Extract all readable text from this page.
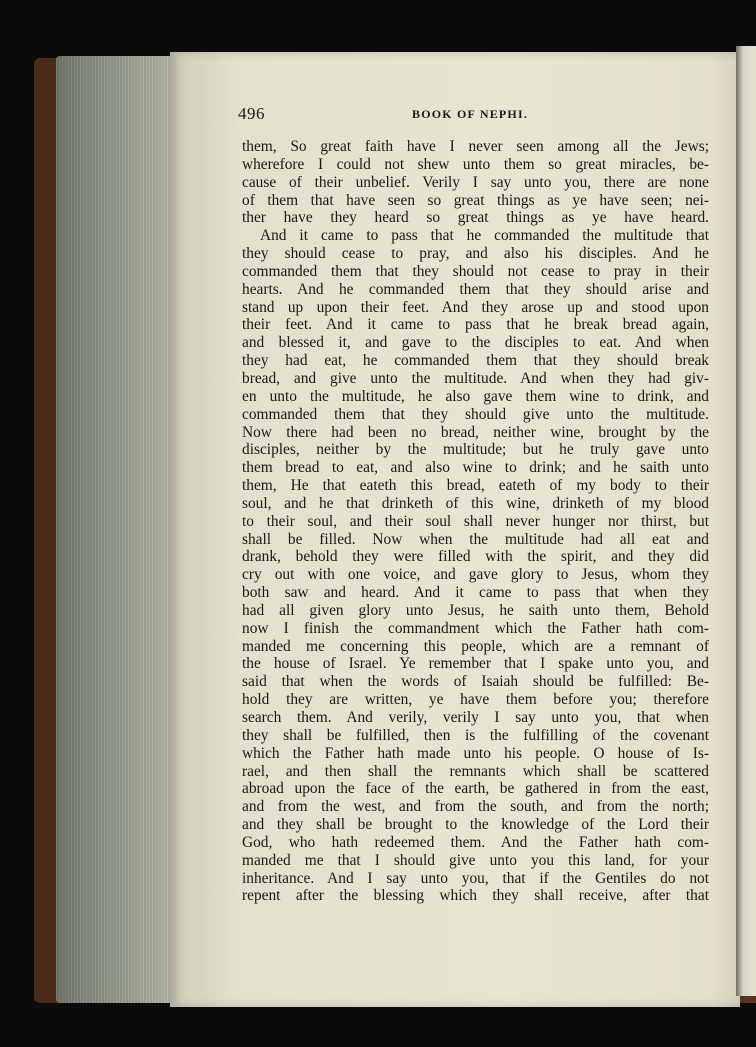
496	BOOK OF NEPHI.
them, So great faith have I never seen among all the Jews;
wherefore I could not shew unto them so great miracles, be-
cause of their unbelief. Verily I say unto you, there are none
of them that have seen so great things as ye have seen; nei-
ther have they heard so great things as ye have heard.
And it came to pass that he commanded the multitude that
they should cease to pray, and also his disciples. And he
commanded them that they should not cease to pray in their
hearts. And he commanded them that they should arise and
stand up upon their feet. And they arose up and stood upon
their feet. And it came to pass that he break bread again,
and blessed it, and gave to the disciples to eat. And when
they had eat, he commanded them that they should break
bread, and give unto the multitude. And when they had giv-
en unto the multitude, he also gave them wine to drink, and
commanded them that they should give unto the multitude.
Now there had been no bread, neither wine, brought by the
disciples, neither by the multitude; but he truly gave unto
them bread to eat, and also wine to drink; and he saith unto
them, He that eateth this bread, eateth of my body to their
soul, and he that drinketh of this wine, drinketh of my blood
to their soul, and their soul shall never hunger nor thirst, but
shall be filled. Now when the multitude had all eat and
drank, behold they were filled with the spirit, and they did
cry out with one voice, and gave glory to Jesus, whom they
both saw and heard. And it came to pass that when they
had all given glory unto Jesus, he saith unto them, Behold
now I finish the commandment which the Father hath com-
manded me concerning this people, which are a remnant of
the house of Israel. Ye remember that I spake unto you, and
said that when the words of Isaiah should be fulfilled: Be-
hold they are written, ye have them before you; therefore
search them. And verily, verily I say unto you, that when
they shall be fulfilled, then is the fulfilling of the covenant
which the Father hath made unto his people. O house of Is-
rael, and then shall the remnants which shall be scattered
abroad upon the face of the earth, be gathered in from the east,
and from the west, and from the south, and from the north;
and they shall be brought to the knowledge of the Lord their
God, who hath redeemed them. And the Father hath com-
manded me that I should give unto you this land, for your
inheritance. And I say unto you, that if the Gentiles do not
repent after the blessing which they shall receive, after that
